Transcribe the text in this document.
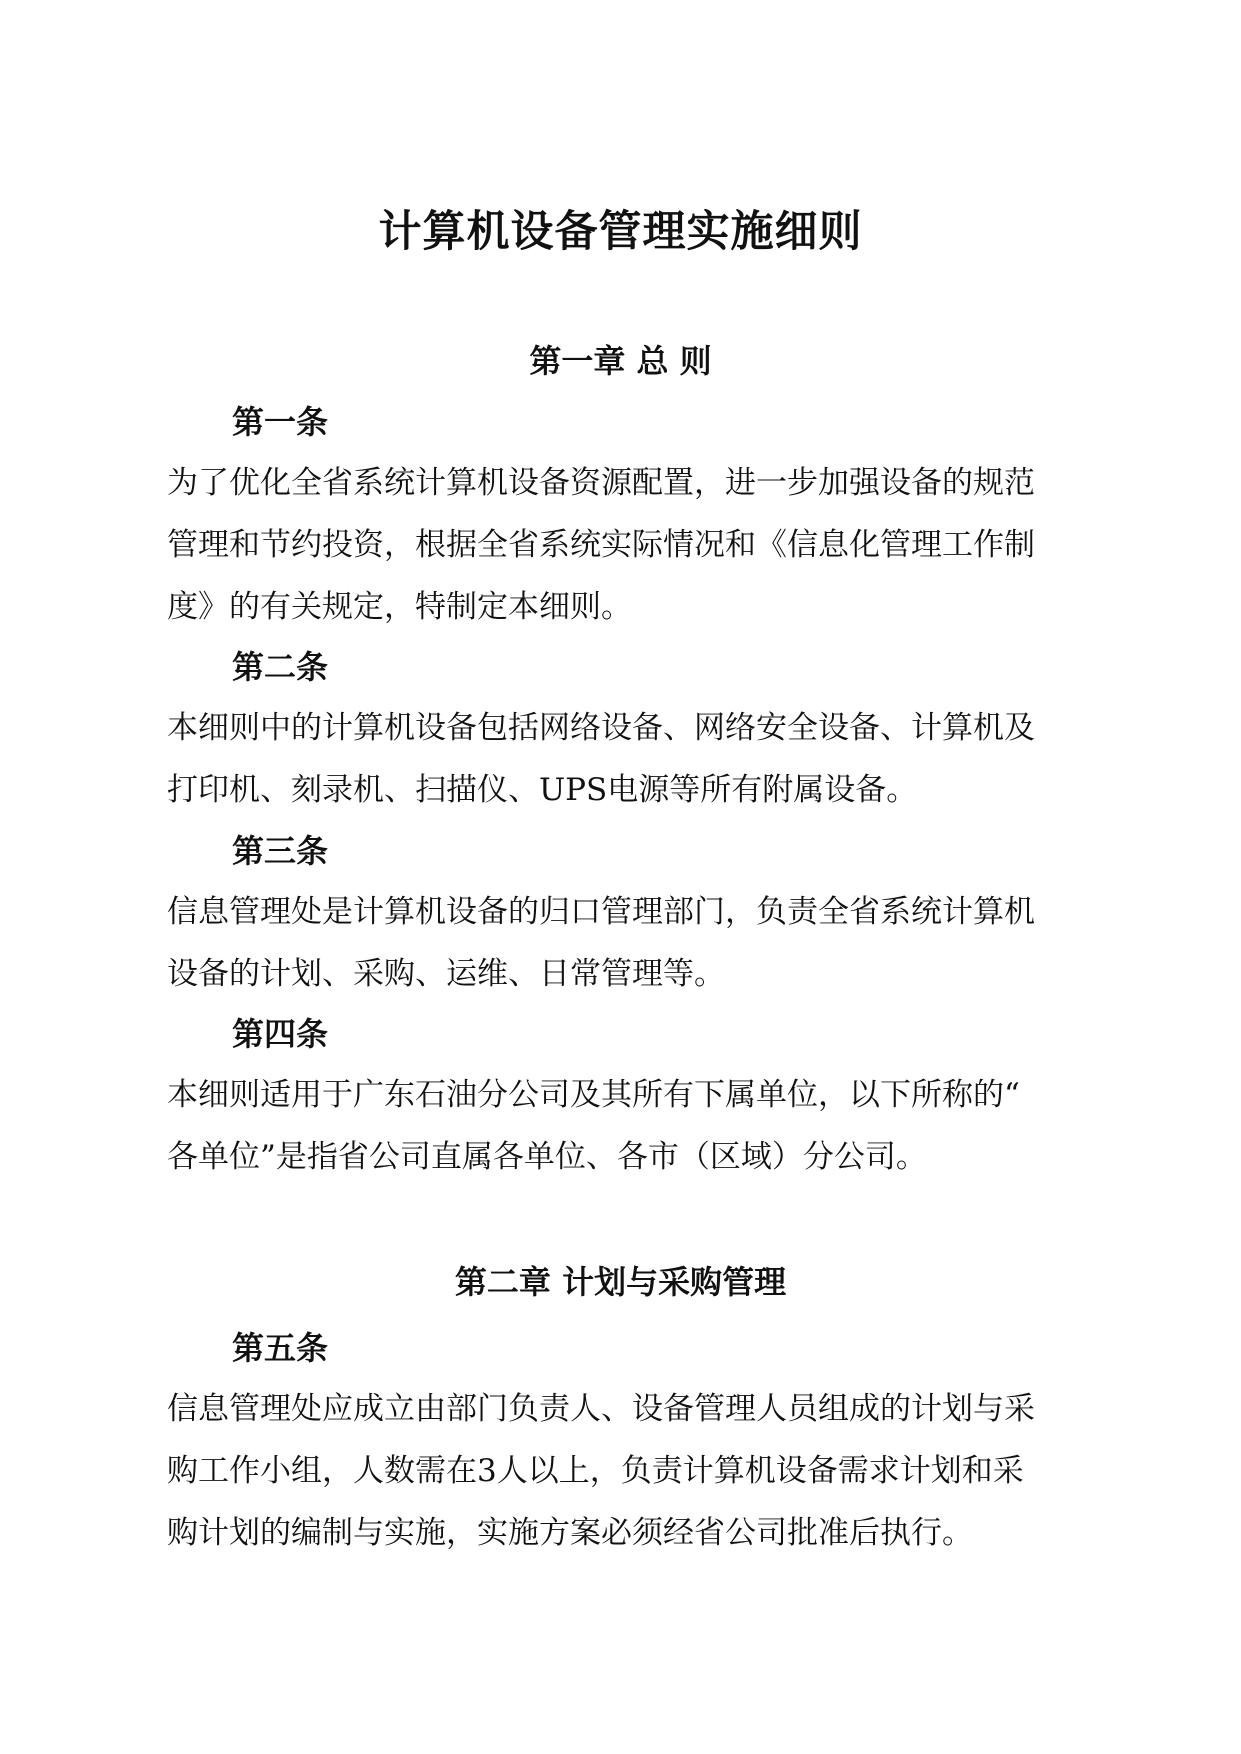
计算机设备管理实施细则
第一章 总 则
第一条

为了优化全省系统计算机设备资源配置，进一步加强设备的规范
管理和节约投资，根据全省系统实际情况和《信息化管理工作制
度》的有关规定，特制定本细则。

第二条

本细则中的计算机设备包括网络设备、网络安全设备、计算机及
打印机、刻录机、扫描仪、UPS电源等所有附属设备。

第三条

信息管理处是计算机设备的归口管理部门，负责全省系统计算机
设备的计划、采购、运维、日常管理等。

第四条

本细则适用于广东石油分公司及其所有下属单位，以下所称的“
各单位”是指省公司直属各单位、各市（区域）分公司。

第二章 计划与采购管理
第五条

信息管理处应成立由部门负责人、设备管理人员组成的计划与采
购工作小组，人数需在3人以上，负责计算机设备需求计划和采
购计划的编制与实施，实施方案必须经省公司批准后执行。
